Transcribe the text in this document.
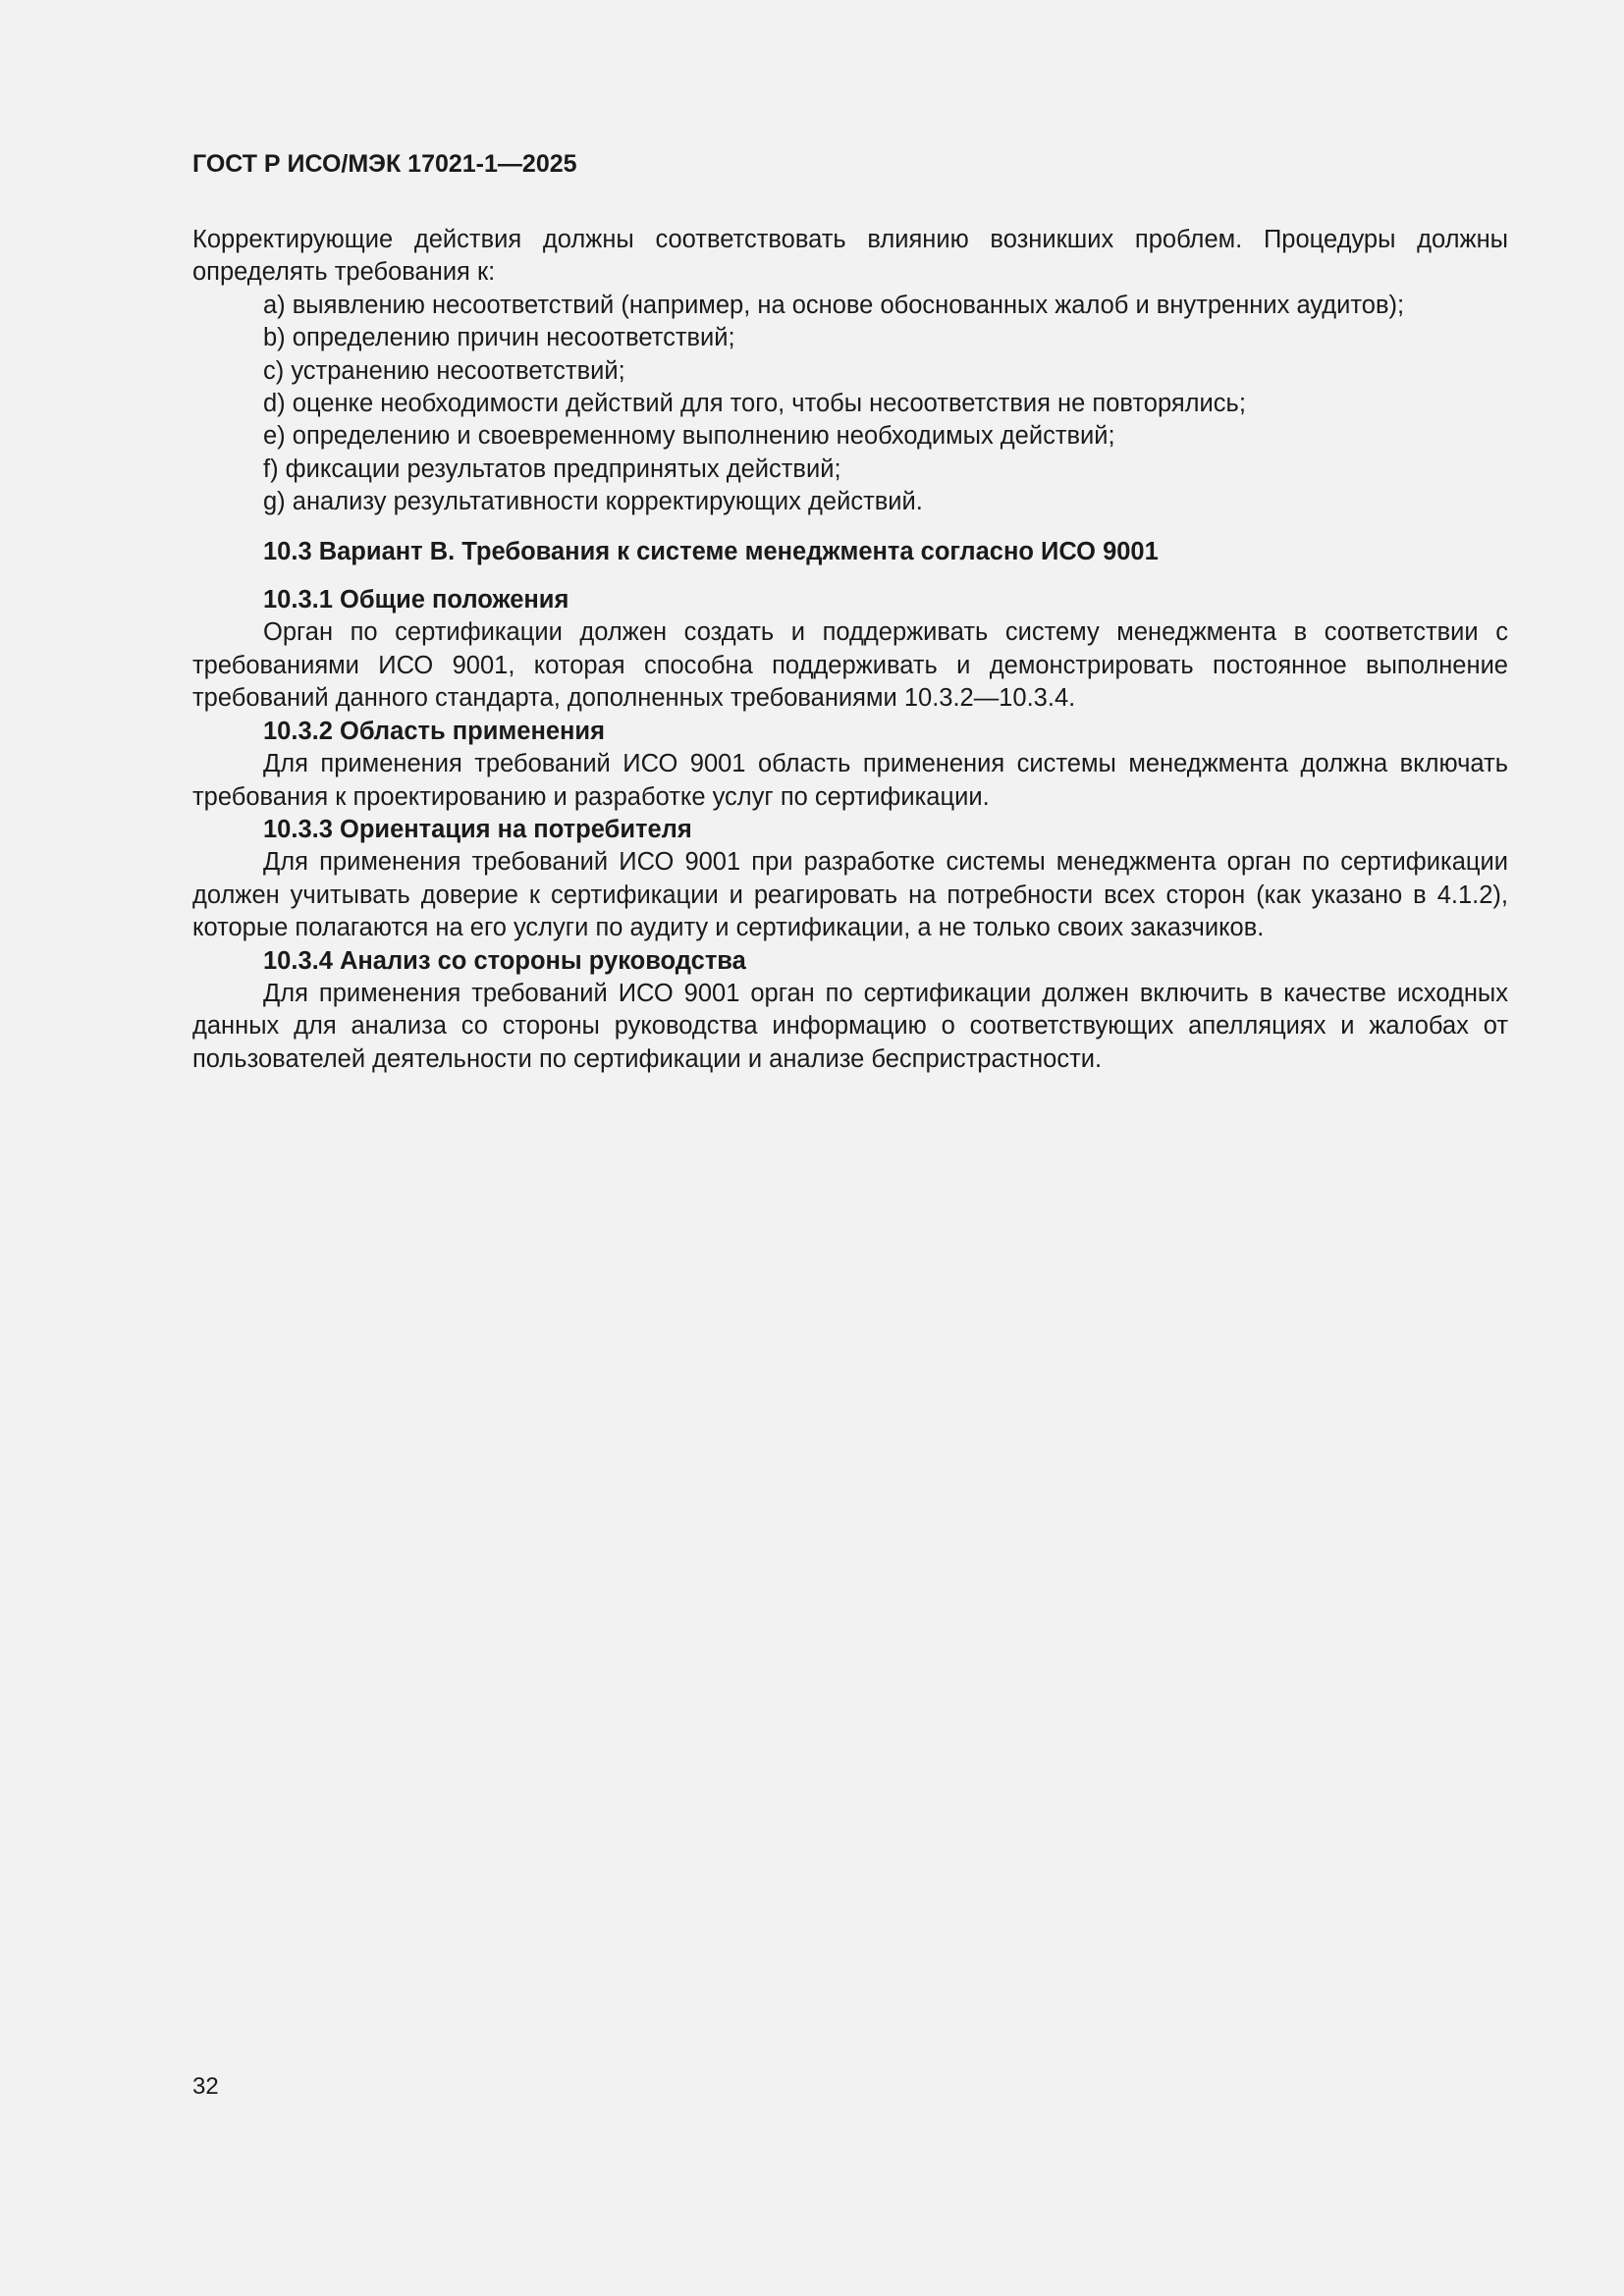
ГОСТ Р ИСО/МЭК 17021-1—2025

Корректирующие действия должны соответствовать влиянию возникших проблем. Процедуры должны определять требования к:

a) выявлению несоответствий (например, на основе обоснованных жалоб и внутренних аудитов);

b) определению причин несоответствий;

c) устранению несоответствий;

d) оценке необходимости действий для того, чтобы несоответствия не повторялись;

e) определению и своевременному выполнению необходимых действий;

f) фиксации результатов предпринятых действий;

g) анализу результативности корректирующих действий.

10.3 Вариант В. Требования к системе менеджмента согласно ИСО 9001

10.3.1 Общие положения

Орган по сертификации должен создать и поддерживать систему менеджмента в соответствии с требованиями ИСО 9001, которая способна поддерживать и демонстрировать постоянное выполнение требований данного стандарта, дополненных требованиями 10.3.2—10.3.4.

10.3.2 Область применения

Для применения требований ИСО 9001 область применения системы менеджмента должна включать требования к проектированию и разработке услуг по сертификации.

10.3.3 Ориентация на потребителя

Для применения требований ИСО 9001 при разработке системы менеджмента орган по сертификации должен учитывать доверие к сертификации и реагировать на потребности всех сторон (как указано в 4.1.2), которые полагаются на его услуги по аудиту и сертификации, а не только своих заказчиков.

10.3.4 Анализ со стороны руководства

Для применения требований ИСО 9001 орган по сертификации должен включить в качестве исходных данных для анализа со стороны руководства информацию о соответствующих апелляциях и жалобах от пользователей деятельности по сертификации и анализе беспристрастности.

32
